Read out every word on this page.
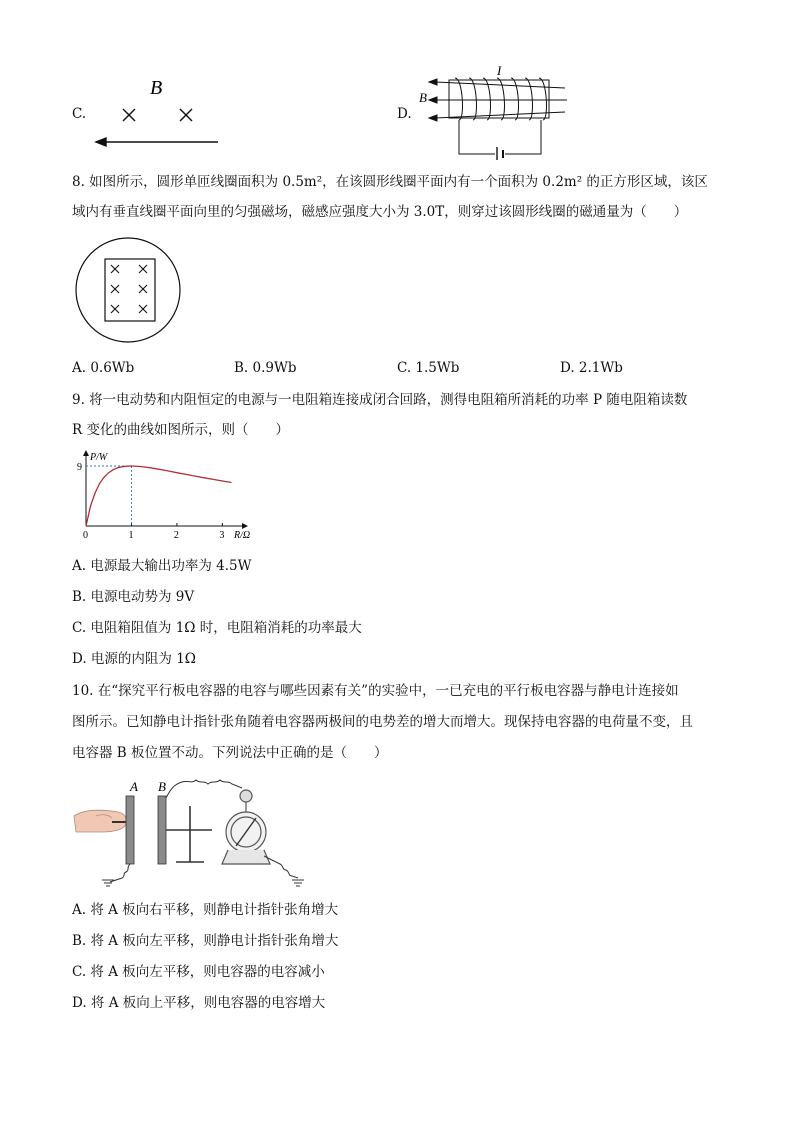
C.
B
D.
I
B
8. 如图所示，圆形单匝线圈面积为 0.5m²，在该圆形线圈平面内有一个面积为 0.2m² 的正方形区域，该区
域内有垂直线圈平面向里的匀强磁场，磁感应强度大小为 3.0T，则穿过该圆形线圈的磁通量为（　　）
A. 0.6Wb	B. 0.9Wb	C. 1.5Wb	D. 2.1Wb
9. 将一电动势和内阻恒定的电源与一电阻箱连接成闭合回路，测得电阻箱所消耗的功率 P 随电阻箱读数
R 变化的曲线如图所示，则（　　）
P/W
R/Ω
0	1	2	3
9
A. 电源最大输出功率为 4.5W
B. 电源电动势为 9V
C. 电阻箱阻值为 1Ω 时，电阻箱消耗的功率最大
D. 电源的内阻为 1Ω
10. 在“探究平行板电容器的电容与哪些因素有关”的实验中，一已充电的平行板电容器与静电计连接如
图所示。已知静电计指针张角随着电容器两极间的电势差的增大而增大。现保持电容器的电荷量不变，且
电容器 B 板位置不动。下列说法中正确的是（　　）
A B
A. 将 A 板向右平移，则静电计指针张角增大
B. 将 A 板向左平移，则静电计指针张角增大
C. 将 A 板向左平移，则电容器的电容减小
D. 将 A 板向上平移，则电容器的电容增大
